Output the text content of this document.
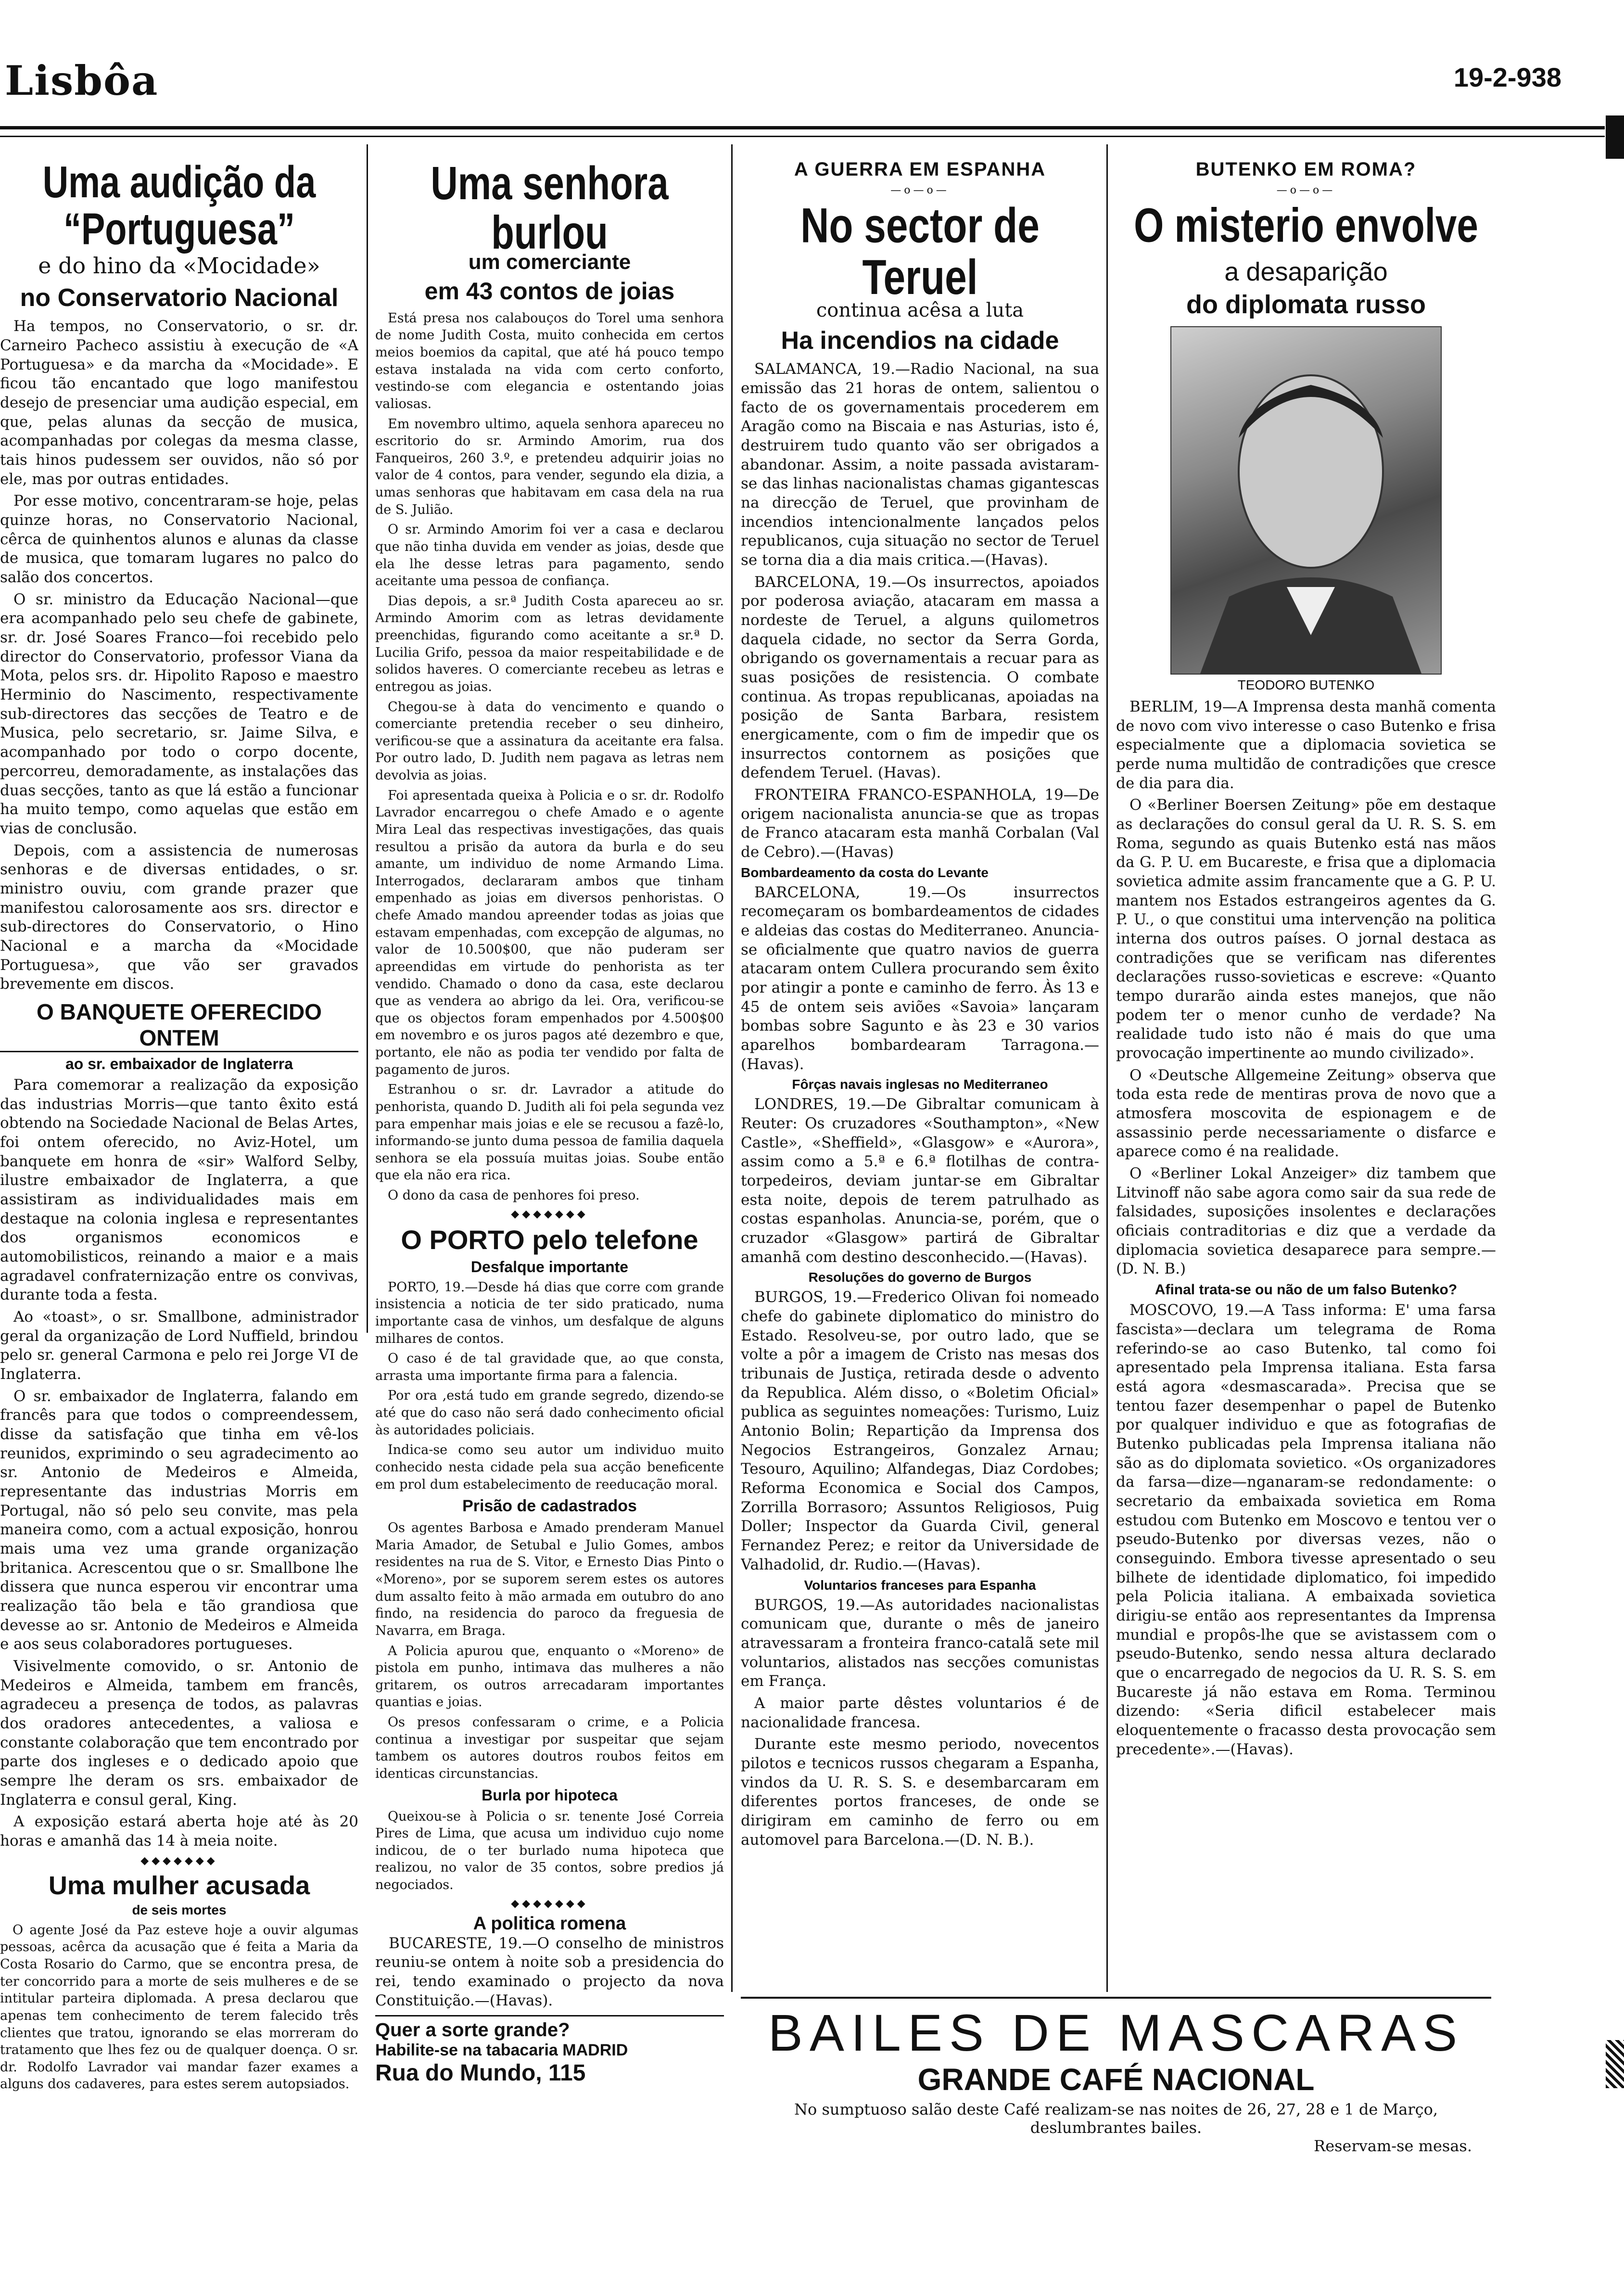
Lisbôa	19-2-938
Uma audição da “Portuguesa”
e do hino da «Mocidade»
no Conservatorio Nacional

Ha tempos, no Conservatorio, o sr. dr. Carneiro Pacheco assistiu à execução de «A Portuguesa» e da marcha da «Mocidade». E ficou tão encantado que logo manifestou desejo de presenciar uma audição especial, em que, pelas alunas da secção de musica, acompanhadas por colegas da mesma classe, tais hinos pudessem ser ouvidos, não só por ele, mas por outras entidades.

Por esse motivo, concentraram-se hoje, pelas quinze horas, no Conservatorio Nacional, cêrca de quinhentos alunos e alunas da classe de musica, que tomaram lugares no palco do salão dos concertos.

O sr. ministro da Educação Nacional—que era acompanhado pelo seu chefe de gabinete, sr. dr. José Soares Franco—foi recebido pelo director do Conservatorio, professor Viana da Mota, pelos srs. dr. Hipolito Raposo e maestro Herminio do Nascimento, respectivamente sub-directores das secções de Teatro e de Musica, pelo secretario, sr. Jaime Silva, e acompanhado por todo o corpo docente, percorreu, demoradamente, as instalações das duas secções, tanto as que lá estão a funcionar ha muito tempo, como aquelas que estão em vias de conclusão.

Depois, com a assistencia de numerosas senhoras e de diversas entidades, o sr. ministro ouviu, com grande prazer que manifestou calorosamente aos srs. director e sub-directores do Conservatorio, o Hino Nacional e a marcha da «Mocidade Portuguesa», que vão ser gravados brevemente em discos.

O BANQUETE OFERECIDO ONTEM
ao sr. embaixador de Inglaterra

Para comemorar a realização da exposição das industrias Morris—que tanto êxito está obtendo na Sociedade Nacional de Belas Artes, foi ontem oferecido, no Aviz-Hotel, um banquete em honra de «sir» Walford Selby, ilustre embaixador de Inglaterra, a que assistiram as individualidades mais em destaque na colonia inglesa e representantes dos organismos economicos e automobilisticos, reinando a maior e a mais agradavel confraternização entre os convivas, durante toda a festa.

Ao «toast», o sr. Smallbone, administrador geral da organização de Lord Nuffield, brindou pelo sr. general Carmona e pelo rei Jorge VI de Inglaterra.

O sr. embaixador de Inglaterra, falando em francês para que todos o compreendessem, disse da satisfação que tinha em vê-los reunidos, exprimindo o seu agradecimento ao sr. Antonio de Medeiros e Almeida, representante das industrias Morris em Portugal, não só pelo seu convite, mas pela maneira como, com a actual exposição, honrou mais uma vez uma grande organização britanica. Acrescentou que o sr. Smallbone lhe dissera que nunca esperou vir encontrar uma realização tão bela e tão grandiosa que devesse ao sr. Antonio de Medeiros e Almeida e aos seus colaboradores portugueses.

Visivelmente comovido, o sr. Antonio de Medeiros e Almeida, tambem em francês, agradeceu a presença de todos, as palavras dos oradores antecedentes, a valiosa e constante colaboração que tem encontrado por parte dos ingleses e o dedicado apoio que sempre lhe deram os srs. embaixador de Inglaterra e consul geral, King.

A exposição estará aberta hoje até às 20 horas e amanhã das 14 à meia noite.

◆◆◆◆◆◆◆
Uma mulher acusada
de seis mortes

O agente José da Paz esteve hoje a ouvir algumas pessoas, acêrca da acusação que é feita a Maria da Costa Rosario do Carmo, que se encontra presa, de ter concorrido para a morte de seis mulheres e de se intitular parteira diplomada. A presa declarou que apenas tem conhecimento de terem falecido três clientes que tratou, ignorando se elas morreram do tratamento que lhes fez ou de qualquer doença. O sr. dr. Rodolfo Lavrador vai mandar fazer exames a alguns dos cadaveres, para estes serem autopsiados.

Uma senhora burlou
um comerciante
em 43 contos de joias

Está presa nos calabouços do Torel uma senhora de nome Judith Costa, muito conhecida em certos meios boemios da capital, que até há pouco tempo estava instalada na vida com certo conforto, vestindo-se com elegancia e ostentando joias valiosas.

Em novembro ultimo, aquela senhora apareceu no escritorio do sr. Armindo Amorim, rua dos Fanqueiros, 260 3.º, e pretendeu adquirir joias no valor de 4 contos, para vender, segundo ela dizia, a umas senhoras que habitavam em casa dela na rua de S. Julião.

O sr. Armindo Amorim foi ver a casa e declarou que não tinha duvida em vender as joias, desde que ela lhe desse letras para pagamento, sendo aceitante uma pessoa de confiança.

Dias depois, a sr.ª Judith Costa apareceu ao sr. Armindo Amorim com as letras devidamente preenchidas, figurando como aceitante a sr.ª D. Lucilia Grifo, pessoa da maior respeitabilidade e de solidos haveres. O comerciante recebeu as letras e entregou as joias.

Chegou-se à data do vencimento e quando o comerciante pretendia receber o seu dinheiro, verificou-se que a assinatura da aceitante era falsa. Por outro lado, D. Judith nem pagava as letras nem devolvia as joias.

Foi apresentada queixa à Policia e o sr. dr. Rodolfo Lavrador encarregou o chefe Amado e o agente Mira Leal das respectivas investigações, das quais resultou a prisão da autora da burla e do seu amante, um individuo de nome Armando Lima. Interrogados, declararam ambos que tinham empenhado as joias em diversos penhoristas. O chefe Amado mandou apreender todas as joias que estavam empenhadas, com excepção de algumas, no valor de 10.500$00, que não puderam ser apreendidas em virtude do penhorista as ter vendido. Chamado o dono da casa, este declarou que as vendera ao abrigo da lei. Ora, verificou-se que os objectos foram empenhados por 4.500$00 em novembro e os juros pagos até dezembro e que, portanto, ele não as podia ter vendido por falta de pagamento de juros.

Estranhou o sr. dr. Lavrador a atitude do penhorista, quando D. Judith ali foi pela segunda vez para empenhar mais joias e ele se recusou a fazê-lo, informando-se junto duma pessoa de familia daquela senhora se ela possuía muitas joias. Soube então que ela não era rica.

O dono da casa de penhores foi preso.

◆◆◆◆◆◆◆
O PORTO pelo telefone
Desfalque importante

PORTO, 19.—Desde há dias que corre com grande insistencia a noticia de ter sido praticado, numa importante casa de vinhos, um desfalque de alguns milhares de contos.

O caso é de tal gravidade que, ao que consta, arrasta uma importante firma para a falencia.

Por ora ,está tudo em grande segredo, dizendo-se até que do caso não será dado conhecimento oficial às autoridades policiais.

Indica-se como seu autor um individuo muito conhecido nesta cidade pela sua acção beneficente em prol dum estabelecimento de reeducação moral.

Prisão de cadastrados

Os agentes Barbosa e Amado prenderam Manuel Maria Amador, de Setubal e Julio Gomes, ambos residentes na rua de S. Vitor, e Ernesto Dias Pinto o «Moreno», por se suporem serem estes os autores dum assalto feito à mão armada em outubro do ano findo, na residencia do paroco da freguesia de Navarra, em Braga.

A Policia apurou que, enquanto o «Moreno» de pistola em punho, intimava das mulheres a não gritarem, os outros arrecadaram importantes quantias e joias.

Os presos confessaram o crime, e a Policia continua a investigar por suspeitar que sejam tambem os autores doutros roubos feitos em identicas circunstancias.

Burla por hipoteca

Queixou-se à Policia o sr. tenente José Correia Pires de Lima, que acusa um individuo cujo nome indicou, de o ter burlado numa hipoteca que realizou, no valor de 35 contos, sobre predios já negociados.

◆◆◆◆◆◆◆
A politica romena

BUCARESTE, 19.—O conselho de ministros reuniu-se ontem à noite sob a presidencia do rei, tendo examinado o projecto da nova Constituição.—(Havas).

Quer a sorte grande?
Habilite-se na tabacaria MADRID
Rua do Mundo, 115
A GUERRA EM ESPANHA
—o—o—
No sector de Teruel
continua acêsa a luta
Ha incendios na cidade

SALAMANCA, 19.—Radio Nacional, na sua emissão das 21 horas de ontem, salientou o facto de os governamentais procederem em Aragão como na Biscaia e nas Asturias, isto é, destruirem tudo quanto vão ser obrigados a abandonar. Assim, a noite passada avistaram-se das linhas nacionalistas chamas gigantescas na direcção de Teruel, que provinham de incendios intencionalmente lançados pelos republicanos, cuja situação no sector de Teruel se torna dia a dia mais critica.—(Havas).

BARCELONA, 19.—Os insurrectos, apoiados por poderosa aviação, atacaram em massa a nordeste de Teruel, a alguns quilometros daquela cidade, no sector da Serra Gorda, obrigando os governamentais a recuar para as suas posições de resistencia. O combate continua. As tropas republicanas, apoiadas na posição de Santa Barbara, resistem energicamente, com o fim de impedir que os insurrectos contornem as posições que defendem Teruel. (Havas).

FRONTEIRA FRANCO-ESPANHOLA, 19—De origem nacionalista anuncia-se que as tropas de Franco atacaram esta manhã Corbalan (Val de Cebro).—(Havas)

Bombardeamento da costa do Levante

BARCELONA, 19.—Os insurrectos recomeçaram os bombardeamentos de cidades e aldeias das costas do Mediterraneo. Anuncia-se oficialmente que quatro navios de guerra atacaram ontem Cullera procurando sem êxito por atingir a ponte e caminho de ferro. Às 13 e 45 de ontem seis aviões «Savoia» lançaram bombas sobre Sagunto e às 23 e 30 varios aparelhos bombardearam Tarragona.—(Havas).

Fôrças navais inglesas no Mediterraneo

LONDRES, 19.—De Gibraltar comunicam à Reuter: Os cruzadores «Southampton», «New Castle», «Sheffield», «Glasgow» e «Aurora», assim como a 5.ª e 6.ª flotilhas de contra-torpedeiros, deviam juntar-se em Gibraltar esta noite, depois de terem patrulhado as costas espanholas. Anuncia-se, porém, que o cruzador «Glasgow» partirá de Gibraltar amanhã com destino desconhecido.—(Havas).

Resoluções do governo de Burgos

BURGOS, 19.—Frederico Olivan foi nomeado chefe do gabinete diplomatico do ministro do Estado. Resolveu-se, por outro lado, que se volte a pôr a imagem de Cristo nas mesas dos tribunais de Justiça, retirada desde o advento da Republica. Além disso, o «Boletim Oficial» publica as seguintes nomeações: Turismo, Luiz Antonio Bolin; Repartição da Imprensa dos Negocios Estrangeiros, Gonzalez Arnau; Tesouro, Aquilino; Alfandegas, Diaz Cordobes; Reforma Economica e Social dos Campos, Zorrilla Borrasoro; Assuntos Religiosos, Puig Doller; Inspector da Guarda Civil, general Fernandez Perez; e reitor da Universidade de Valhadolid, dr. Rudio.—(Havas).

Voluntarios franceses para Espanha

BURGOS, 19.—As autoridades nacionalistas comunicam que, durante o mês de janeiro atravessaram a fronteira franco-catalã sete mil voluntarios, alistados nas secções comunistas em França.

A maior parte dêstes voluntarios é de nacionalidade francesa.

Durante este mesmo periodo, novecentos pilotos e tecnicos russos chegaram a Espanha, vindos da U. R. S. S. e desembarcaram em diferentes portos franceses, de onde se dirigiram em caminho de ferro ou em automovel para Barcelona.—(D. N. B.).

BUTENKO EM ROMA?
—o—o—
O misterio envolve
a desaparição
do diplomata russo
TEODORO BUTENKO

BERLIM, 19—A Imprensa desta manhã comenta de novo com vivo interesse o caso Butenko e frisa especialmente que a diplomacia sovietica se perde numa multidão de contradições que cresce de dia para dia.

O «Berliner Boersen Zeitung» põe em destaque as declarações do consul geral da U. R. S. S. em Roma, segundo as quais Butenko está nas mãos da G. P. U. em Bucareste, e frisa que a diplomacia sovietica admite assim francamente que a G. P. U. mantem nos Estados estrangeiros agentes da G. P. U., o que constitui uma intervenção na politica interna dos outros países. O jornal destaca as contradições que se verificam nas diferentes declarações russo-sovieticas e escreve: «Quanto tempo durarão ainda estes manejos, que não podem ter o menor cunho de verdade? Na realidade tudo isto não é mais do que uma provocação impertinente ao mundo civilizado».

O «Deutsche Allgemeine Zeitung» observa que toda esta rede de mentiras prova de novo que a atmosfera moscovita de espionagem e de assassinio perde necessariamente o disfarce e aparece como é na realidade.

O «Berliner Lokal Anzeiger» diz tambem que Litvinoff não sabe agora como sair da sua rede de falsidades, suposições insolentes e declarações oficiais contraditorias e diz que a verdade da diplomacia sovietica desaparece para sempre.—(D. N. B.)

Afinal trata-se ou não de um falso Butenko?

MOSCOVO, 19.—A Tass informa: E' uma farsa fascista»—declara um telegrama de Roma referindo-se ao caso Butenko, tal como foi apresentado pela Imprensa italiana. Esta farsa está agora «desmascarada». Precisa que se tentou fazer desempenhar o papel de Butenko por qualquer individuo e que as fotografias de Butenko publicadas pela Imprensa italiana não são as do diplomata sovietico. «Os organizadores da farsa—dize—nganaram-se redondamente: o secretario da embaixada sovietica em Roma estudou com Butenko em Moscovo e tentou ver o pseudo-Butenko por diversas vezes, não o conseguindo. Embora tivesse apresentado o seu bilhete de identidade diplomatico, foi impedido pela Policia italiana. A embaixada sovietica dirigiu-se então aos representantes da Imprensa mundial e propôs-lhe que se avistassem com o pseudo-Butenko, sendo nessa altura declarado que o encarregado de negocios da U. R. S. S. em Bucareste já não estava em Roma. Terminou dizendo: «Seria dificil estabelecer mais eloquentemente o fracasso desta provocação sem precedente».—(Havas).

BAILES DE MASCARAS
GRANDE CAFÉ NACIONAL
No sumptuoso salão deste Café realizam-se nas noites de 26, 27, 28 e 1 de Março, deslumbrantes bailes.
Reservam-se mesas.
